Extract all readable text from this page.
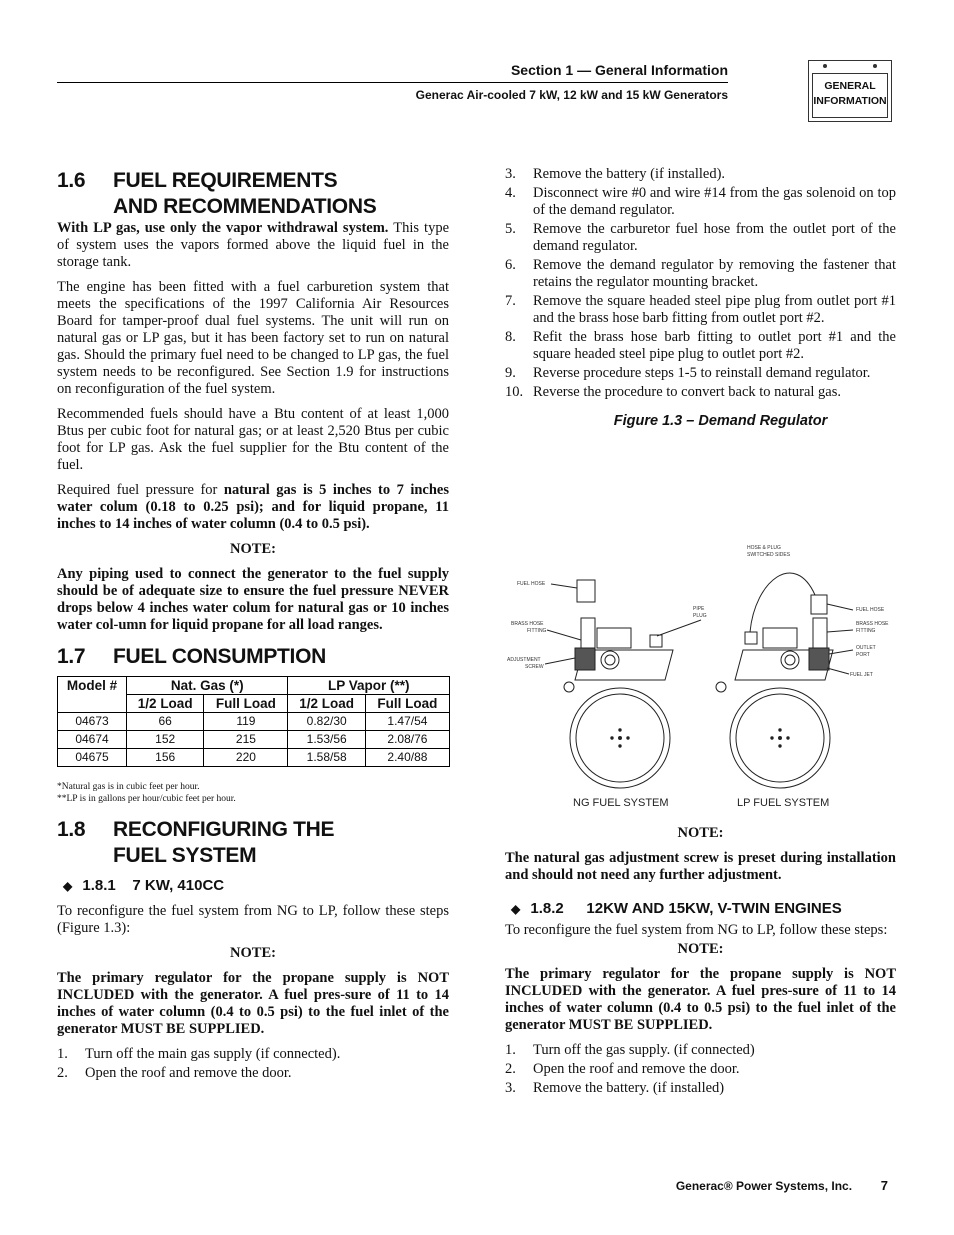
Section 1 — General Information
Generac Air-cooled 7 kW, 12 kW and 15 kW Generators
GENERAL
INFORMATION
1.6 FUEL REQUIREMENTS
AND RECOMMENDATIONS

With LP gas, use only the vapor withdrawal system. This type of system uses the vapors formed above the liquid fuel in the storage tank.

The engine has been fitted with a fuel carburetion system that meets the specifications of the 1997 California Air Resources Board for tamper-proof dual fuel systems. The unit will run on natural gas or LP gas, but it has been factory set to run on natural gas. Should the primary fuel need to be changed to LP gas, the fuel system needs to be reconfigured. See Section 1.9 for instructions on reconfiguration of the fuel system.

Recommended fuels should have a Btu content of at least 1,000 Btus per cubic foot for natural gas; or at least 2,520 Btus per cubic foot for LP gas. Ask the fuel supplier for the Btu content of the fuel.

Required fuel pressure for natural gas is 5 inches to 7 inches water colum (0.18 to 0.25 psi); and for liquid propane, 11 inches to 14 inches of water column (0.4 to 0.5 psi).

NOTE:

Any piping used to connect the generator to the fuel supply should be of adequate size to ensure the fuel pressure NEVER drops below 4 inches water colum for natural gas or 10 inches water col-umn for liquid propane for all load ranges.

1.7 FUEL CONSUMPTION
Model #	Nat. Gas (*)		LP Vapor (**)	
	1/2 Load	Full Load	1/2 Load	Full Load
04673	66	119	0.82/30	1.47/54
04674	152	215	1.53/56	2.08/76
04675	156	220	1.58/58	2.40/88
*Natural gas is in cubic feet per hour.
**LP is in gallons per hour/cubic feet per hour.
1.8 RECONFIGURING THE
FUEL SYSTEM
◆ 1.8.1 7 KW, 410CC

To reconfigure the fuel system from NG to LP, follow these steps (Figure 1.3):

NOTE:

The primary regulator for the propane supply is NOT INCLUDED with the generator. A fuel pres-sure of 11 to 14 inches of water column (0.4 to 0.5 psi) to the fuel inlet of the generator MUST BE SUPPLIED.

1. Turn off the main gas supply (if connected).
2. Open the roof and remove the door.
3. Remove the battery (if installed).
4. Disconnect wire #0 and wire #14 from the gas solenoid on top of the demand regulator.
5. Remove the carburetor fuel hose from the outlet port of the demand regulator.
6. Remove the demand regulator by removing the fastener that retains the regulator mounting bracket.
7. Remove the square headed steel pipe plug from outlet port #1 and the brass hose barb fitting from outlet port #2.
8. Refit the brass hose barb fitting to outlet port #1 and the square headed steel pipe plug to outlet port #2.
9. Reverse procedure steps 1-5 to reinstall demand regulator.
10. Reverse the procedure to convert back to natural gas.
Figure 1.3 – Demand Regulator
HOSE & PLUG
SWITCHED SIDES
FUEL HOSE
BRASS HOSE
FITTING
ADJUSTMENT
SCREW
PIPE
PLUG
FUEL HOSE
BRASS HOSE
FITTING
OUTLET
PORT
FUEL JET
NG FUEL SYSTEM	LP FUEL SYSTEM

NOTE:

The natural gas adjustment screw is preset during installation and should not need any further adjustment.

◆ 1.8.2 12KW AND 15KW, V-TWIN ENGINES

To reconfigure the fuel system from NG to LP, follow these steps:

NOTE:

The primary regulator for the propane supply is NOT INCLUDED with the generator. A fuel pres-sure of 11 to 14 inches of water column (0.4 to 0.5 psi) to the fuel inlet of the generator MUST BE SUPPLIED.

1. Turn off the gas supply. (if connected)
2. Open the roof and remove the door.
3. Remove the battery. (if installed)
Generac® Power Systems, Inc. 7
